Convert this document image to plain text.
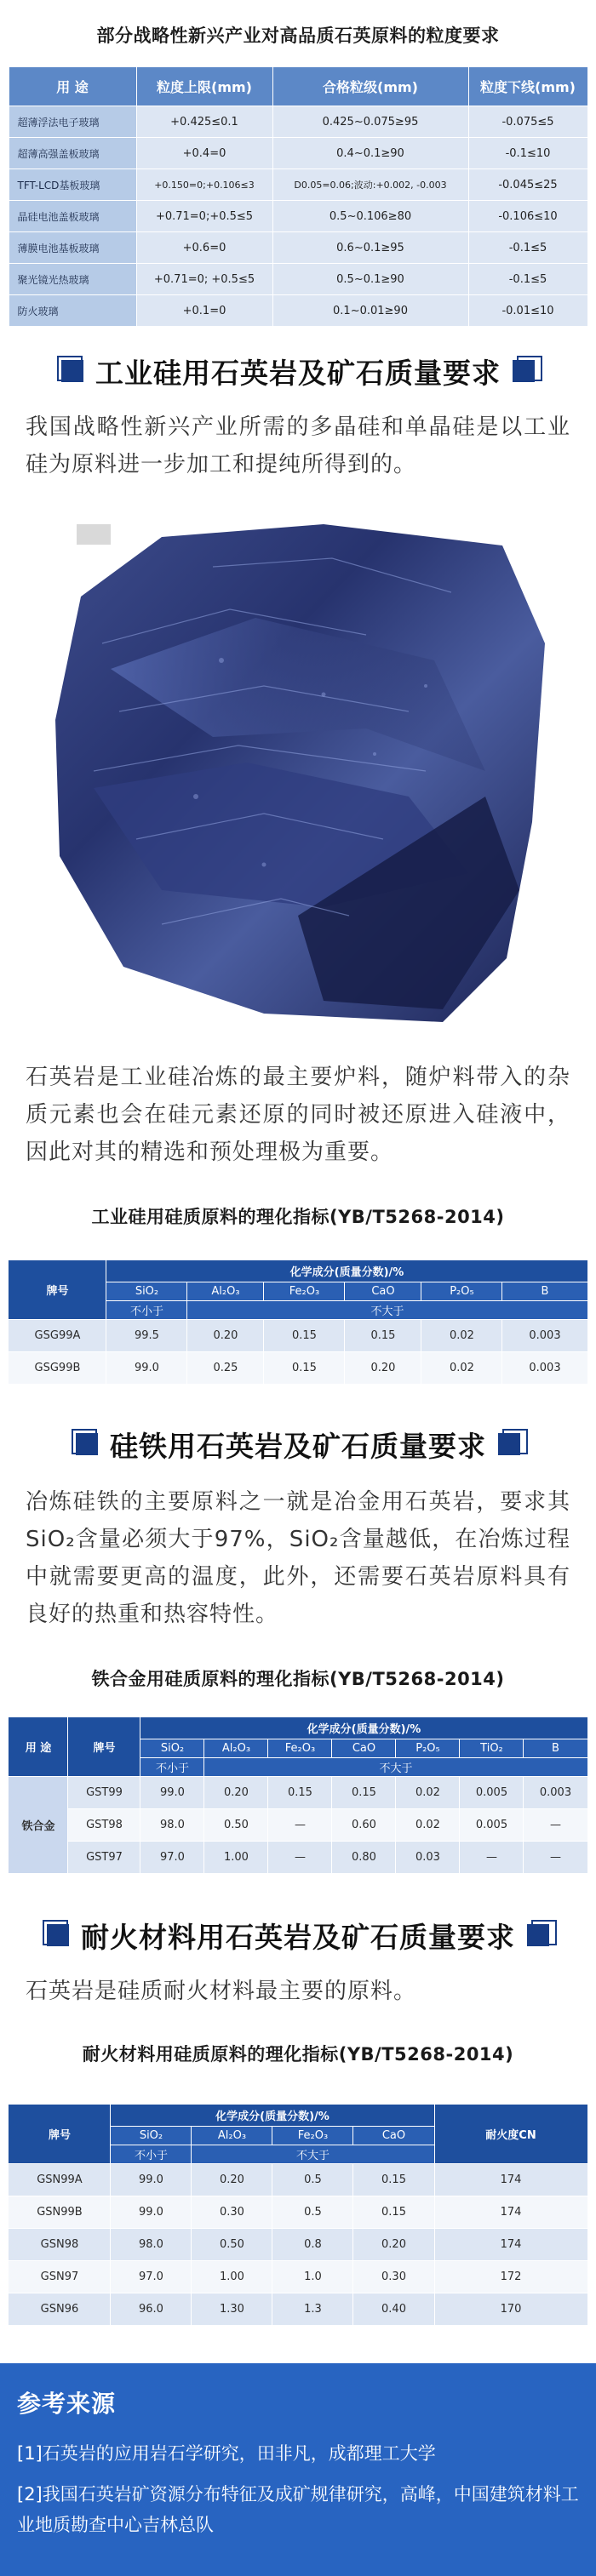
部分战略性新兴产业对高品质石英原料的粒度要求
用 途	粒度上限(mm)	合格粒级(mm)	粒度下线(mm)
超薄浮法电子玻璃	+0.425≤0.1	0.425~0.075≥95	-0.075≤5
超薄高强盖板玻璃	+0.4=0	0.4~0.1≥90	-0.1≤10
TFT-LCD基板玻璃	+0.150=0;+0.106≤3	D0.05=0.06;波动:+0.002, -0.003	-0.045≤25
晶硅电池盖板玻璃	+0.71=0;+0.5≤5	0.5~0.106≥80	-0.106≤10
薄膜电池基板玻璃	+0.6=0	0.6~0.1≥95	-0.1≤5
聚光镜光热玻璃	+0.71=0; +0.5≤5	0.5~0.1≥90	-0.1≤5
防火玻璃	+0.1=0	0.1~0.01≥90	-0.01≤10
工业硅用石英岩及矿石质量要求

我国战略性新兴产业所需的多晶硅和单晶硅是以工业硅为原料进一步加工和提纯所得到的。

石英岩是工业硅冶炼的最主要炉料，随炉料带入的杂质元素也会在硅元素还原的同时被还原进入硅液中，因此对其的精选和预处理极为重要。

工业硅用硅质原料的理化指标(YB/T5268-2014)
牌号	化学成分(质量分数)/%					
	SiO₂	Al₂O₃	Fe₂O₃	CaO	P₂O₅	B
	不小于	不大于				
GSG99A	99.5	0.20	0.15	0.15	0.02	0.003
GSG99B	99.0	0.25	0.15	0.20	0.02	0.003
硅铁用石英岩及矿石质量要求

冶炼硅铁的主要原料之一就是冶金用石英岩，要求其SiO₂含量必须大于97%，SiO₂含量越低，在冶炼过程中就需要更高的温度，此外，还需要石英岩原料具有良好的热重和热容特性。

铁合金用硅质原料的理化指标(YB/T5268-2014)
用 途	牌号	化学成分(质量分数)/%						
		SiO₂	Al₂O₃	Fe₂O₃	CaO	P₂O₅	TiO₂	B
		不小于	不大于					
铁合金	GST99	99.0	0.20	0.15	0.15	0.02	0.005	0.003
	GST98	98.0	0.50	—	0.60	0.02	0.005	—
	GST97	97.0	1.00	—	0.80	0.03	—	—
耐火材料用石英岩及矿石质量要求

石英岩是硅质耐火材料最主要的原料。

耐火材料用硅质原料的理化指标(YB/T5268-2014)
牌号	化学成分(质量分数)/%				耐火度CN
	SiO₂	Al₂O₃	Fe₂O₃	CaO	
	不小于	不大于			
GSN99A	99.0	0.20	0.5	0.15	174
GSN99B	99.0	0.30	0.5	0.15	174
GSN98	98.0	0.50	0.8	0.20	174
GSN97	97.0	1.00	1.0	0.30	172
GSN96	96.0	1.30	1.3	0.40	170
参考来源
[1]石英岩的应用岩石学研究，田非凡，成都理工大学
[2]我国石英岩矿资源分布特征及成矿规律研究，高峰，中国建筑材料工业地质勘查中心吉林总队
